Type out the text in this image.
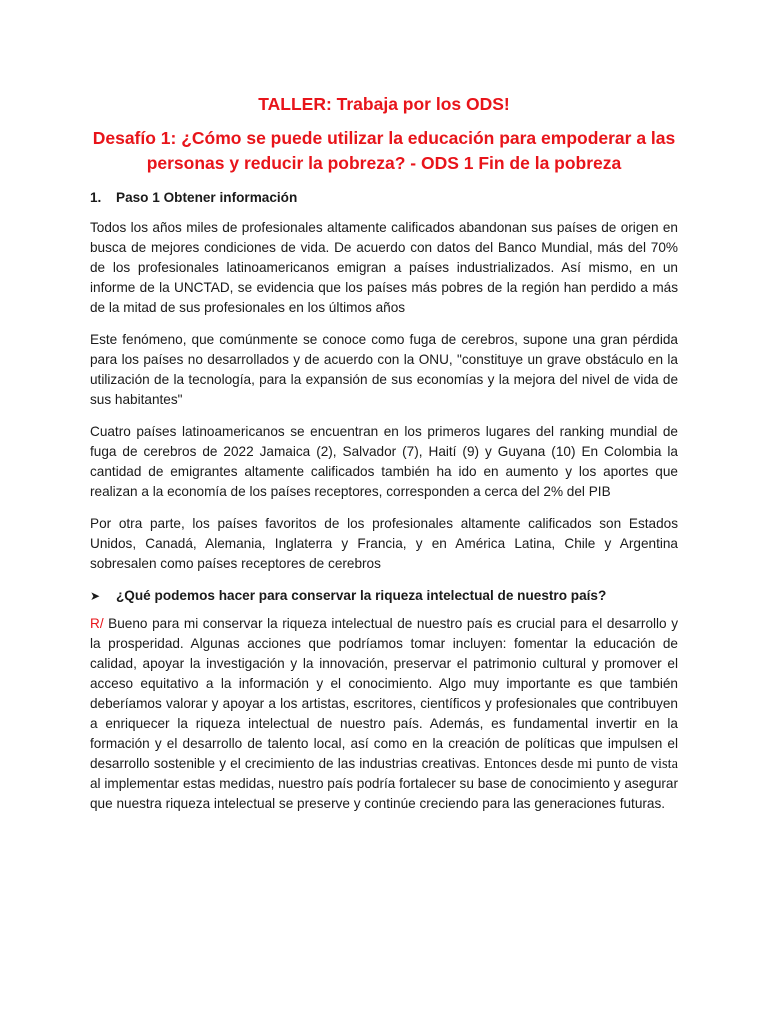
TALLER: Trabaja por los ODS!
Desafío 1: ¿Cómo se puede utilizar la educación para empoderar a las personas y reducir la pobreza? - ODS 1 Fin de la pobreza
1.	Paso 1 Obtener información

Todos los años miles de profesionales altamente calificados abandonan sus países de origen en busca de mejores condiciones de vida. De acuerdo con datos del Banco Mundial, más del 70% de los profesionales latinoamericanos emigran a países industrializados. Así mismo, en un informe de la UNCTAD, se evidencia que los países más pobres de la región han perdido a más de la mitad de sus profesionales en los últimos años

Este fenómeno, que comúnmente se conoce como fuga de cerebros, supone una gran pérdida para los países no desarrollados y de acuerdo con la ONU, "constituye un grave obstáculo en la utilización de la tecnología, para la expansión de sus economías y la mejora del nivel de vida de sus habitantes"

Cuatro países latinoamericanos se encuentran en los primeros lugares del ranking mundial de fuga de cerebros de 2022 Jamaica (2), Salvador (7), Haití (9) y Guyana (10) En Colombia la cantidad de emigrantes altamente calificados también ha ido en aumento y los aportes que realizan a la economía de los países receptores, corresponden a cerca del 2% del PIB

Por otra parte, los países favoritos de los profesionales altamente calificados son Estados Unidos, Canadá, Alemania, Inglaterra y Francia, y en América Latina, Chile y Argentina sobresalen como países receptores de cerebros

➤	¿Qué podemos hacer para conservar la riqueza intelectual de nuestro país?

R/ Bueno para mi conservar la riqueza intelectual de nuestro país es crucial para el desarrollo y la prosperidad. Algunas acciones que podríamos tomar incluyen: fomentar la educación de calidad, apoyar la investigación y la innovación, preservar el patrimonio cultural y promover el acceso equitativo a la información y el conocimiento. Algo muy importante es que también deberíamos valorar y apoyar a los artistas, escritores, científicos y profesionales que contribuyen a enriquecer la riqueza intelectual de nuestro país. Además, es fundamental invertir en la formación y el desarrollo de talento local, así como en la creación de políticas que impulsen el desarrollo sostenible y el crecimiento de las industrias creativas. Entonces desde mi punto de vista al implementar estas medidas, nuestro país podría fortalecer su base de conocimiento y asegurar que nuestra riqueza intelectual se preserve y continúe creciendo para las generaciones futuras.
